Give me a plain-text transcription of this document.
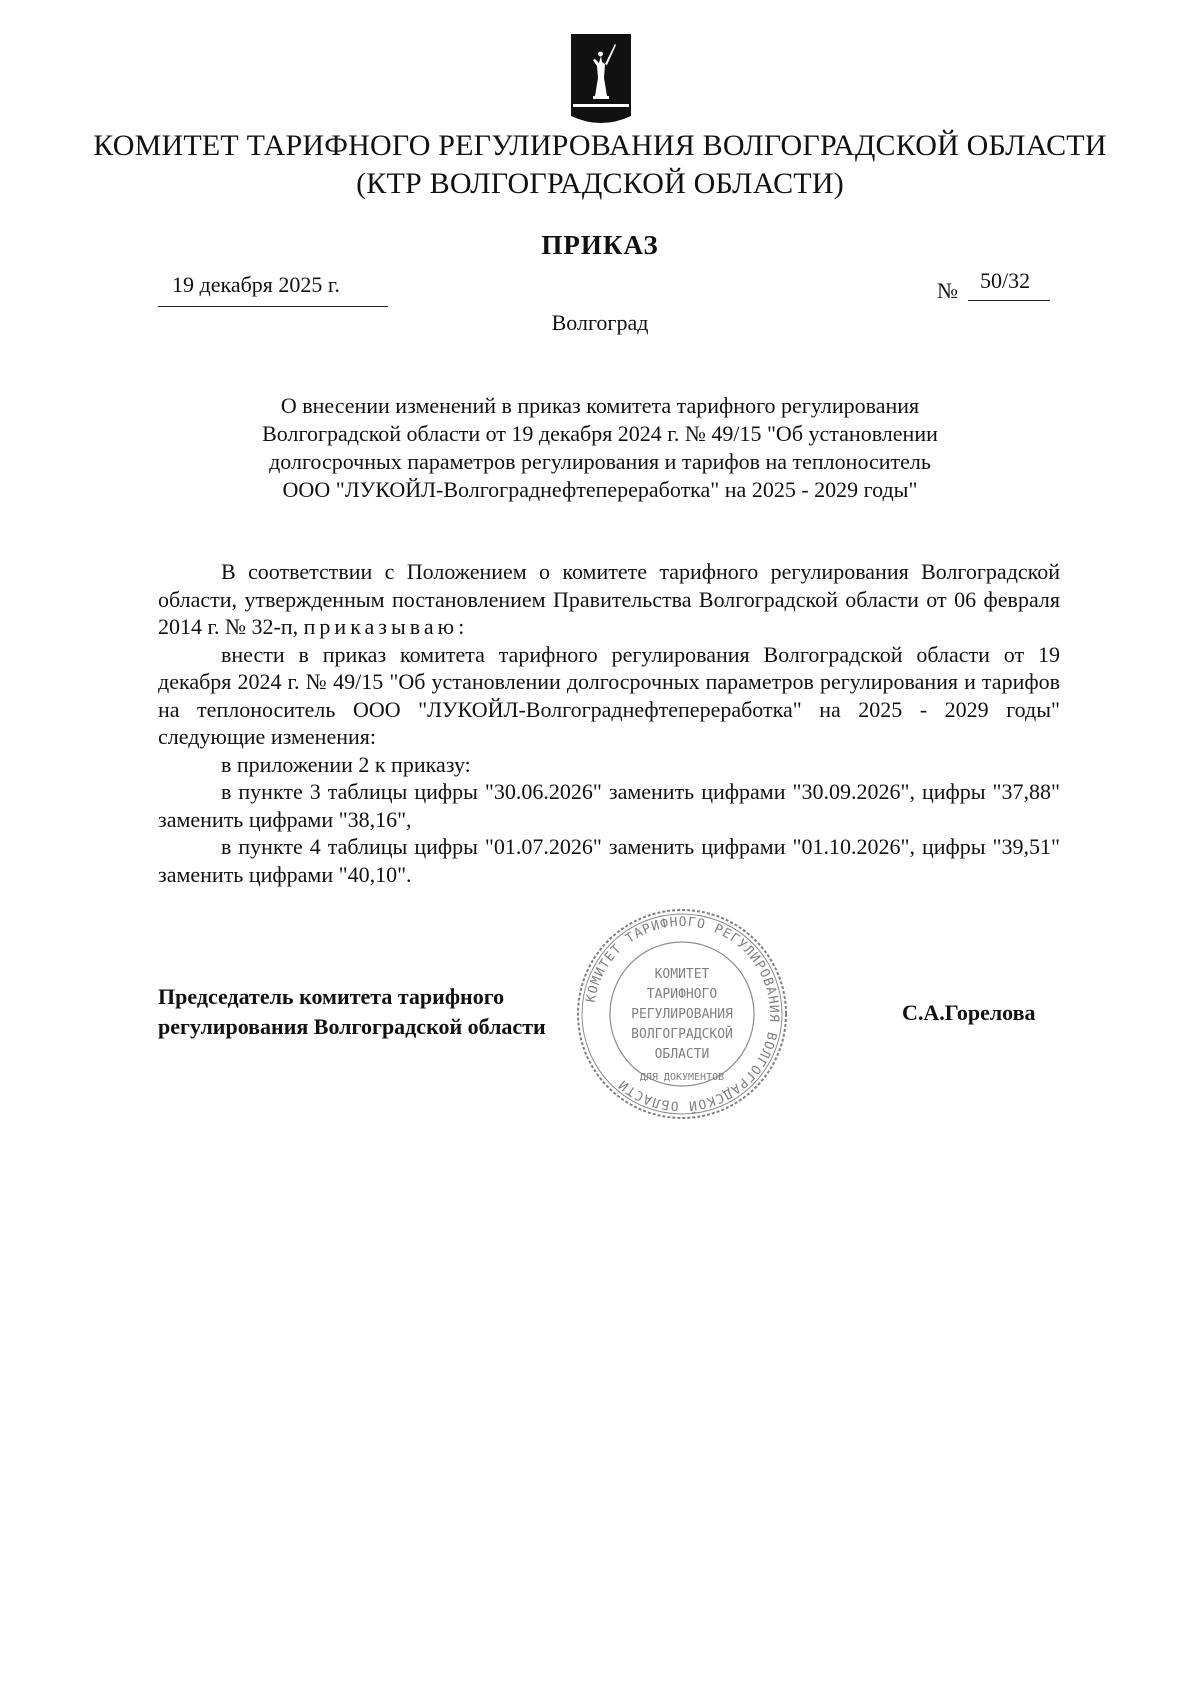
КОМИТЕТ ТАРИФНОГО РЕГУЛИРОВАНИЯ ВОЛГОГРАДСКОЙ ОБЛАСТИ
(КТР ВОЛГОГРАДСКОЙ ОБЛАСТИ)
ПРИКАЗ
19 декабря 2025 г.	№ 50/32
Волгоград
О внесении изменений в приказ комитета тарифного регулирования
Волгоградской области от 19 декабря 2024 г. № 49/15 "Об установлении
долгосрочных параметров регулирования и тарифов на теплоноситель
ООО "ЛУКОЙЛ-Волгограднефтепереработка" на 2025 - 2029 годы"

В соответствии с Положением о комитете тарифного регулирования Волгоградской области, утвержденным постановлением Правительства Волгоградской области от 06 февраля 2014 г. № 32-п, приказываю:

внести в приказ комитета тарифного регулирования Волгоградской области от 19 декабря 2024 г. № 49/15 "Об установлении долгосрочных параметров регулирования и тарифов на теплоноситель ООО "ЛУКОЙЛ-Волгограднефтепереработка" на 2025 - 2029 годы" следующие изменения:

в приложении 2 к приказу:

в пункте 3 таблицы цифры "30.06.2026" заменить цифрами "30.09.2026", цифры "37,88" заменить цифрами "38,16",

в пункте 4 таблицы цифры "01.07.2026" заменить цифрами "01.10.2026", цифры "39,51" заменить цифрами "40,10".

Председатель комитета тарифного
регулирования Волгоградской области
КОМИТЕТ ТАРИФНОГО РЕГУЛИРОВАНИЯ ВОЛГОГРАДСКОЙ ОБЛАСТИ
КОМИТЕТ
ТАРИФНОГО
РЕГУЛИРОВАНИЯ
ВОЛГОГРАДСКОЙ
ОБЛАСТИ
ДЛЯ ДОКУМЕНТОВ
С.А.Горелова
